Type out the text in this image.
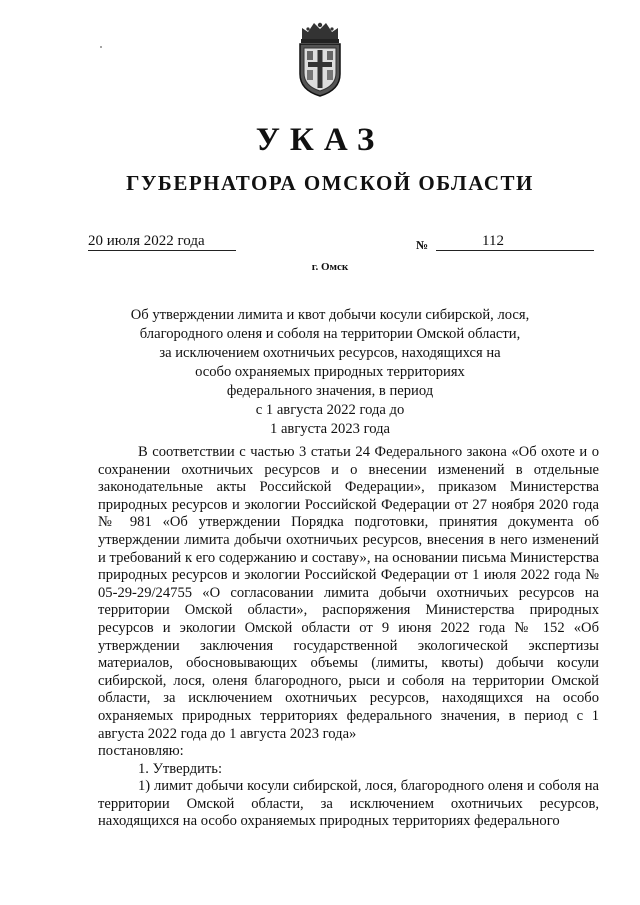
УКАЗ
ГУБЕРНАТОРА ОМСКОЙ ОБЛАСТИ
20 июля 2022 года	№	112
г. Омск
Об утверждении лимита и квот добычи косули сибирской, лося,
благородного оленя и соболя на территории Омской области,
за исключением охотничьих ресурсов, находящихся на
особо охраняемых природных территориях
федерального значения, в период
с 1 августа 2022 года до
1 августа 2023 года

В соответствии с частью 3 статьи 24 Федерального закона «Об охоте и о сохранении охотничьих ресурсов и о внесении изменений в отдельные законодательные акты Российской Федерации», приказом Министерства природных ресурсов и экологии Российской Федерации от 27 ноября 2020 года № 981 «Об утверждении Порядка подготовки, принятия документа об утверждении лимита добычи охотничьих ресурсов, внесения в него изменений и требований к его содержанию и составу», на основании письма Министерства природных ресурсов и экологии Российской Федерации от 1 июля 2022 года № 05-29-29/24755 «О согласовании лимита добычи охотничьих ресурсов на территории Омской области», распоряжения Министерства природных ресурсов и экологии Омской области от 9 июня 2022 года № 152 «Об утверждении заключения государственной экологической экспертизы материалов, обосновывающих объемы (лимиты, квоты) добычи косули сибирской, лося, оленя благородного, рыси и соболя на территории Омской области, за исключением охотничьих ресурсов, находящихся на особо охраняемых природных территориях федерального значения, в период с 1 августа 2022 года до 1 августа 2023 года»

постановляю:

1. Утвердить:

1) лимит добычи косули сибирской, лося, благородного оленя и соболя на территории Омской области, за исключением охотничьих ресурсов, находящихся на особо охраняемых природных территориях федерального
